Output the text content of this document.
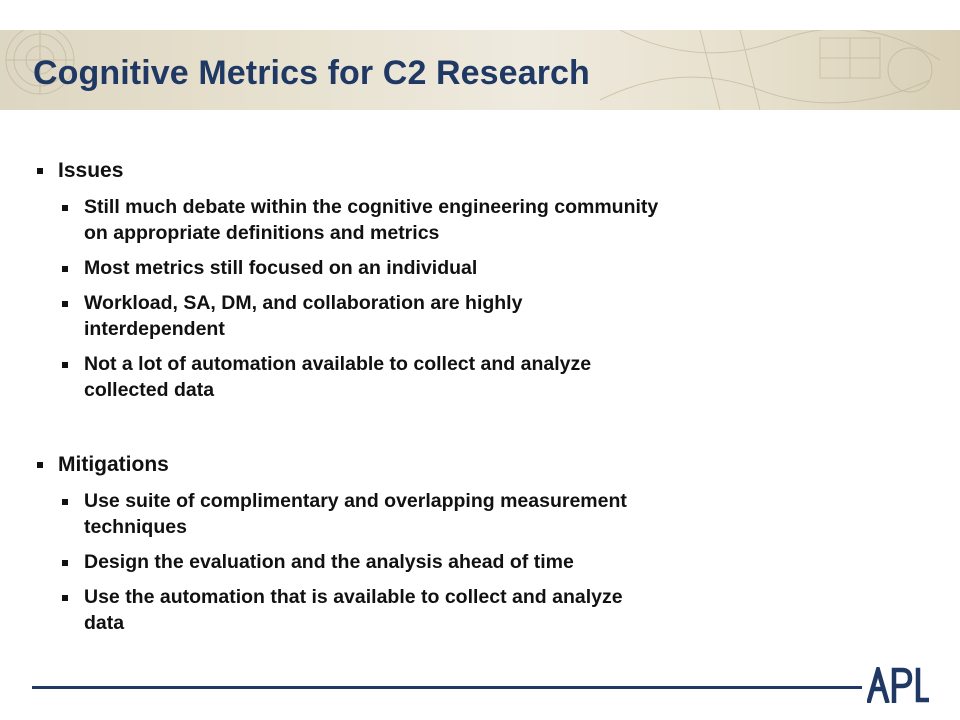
Cognitive Metrics for C2 Research
Issues
Still much debate within the cognitive engineering community
on appropriate definitions and metrics
Most metrics still focused on an individual
Workload, SA, DM, and collaboration are highly
interdependent
Not a lot of automation available to collect and analyze
collected data
Mitigations
Use suite of complimentary and overlapping measurement
techniques
Design the evaluation and the analysis ahead of time
Use the automation that is available to collect and analyze
data
